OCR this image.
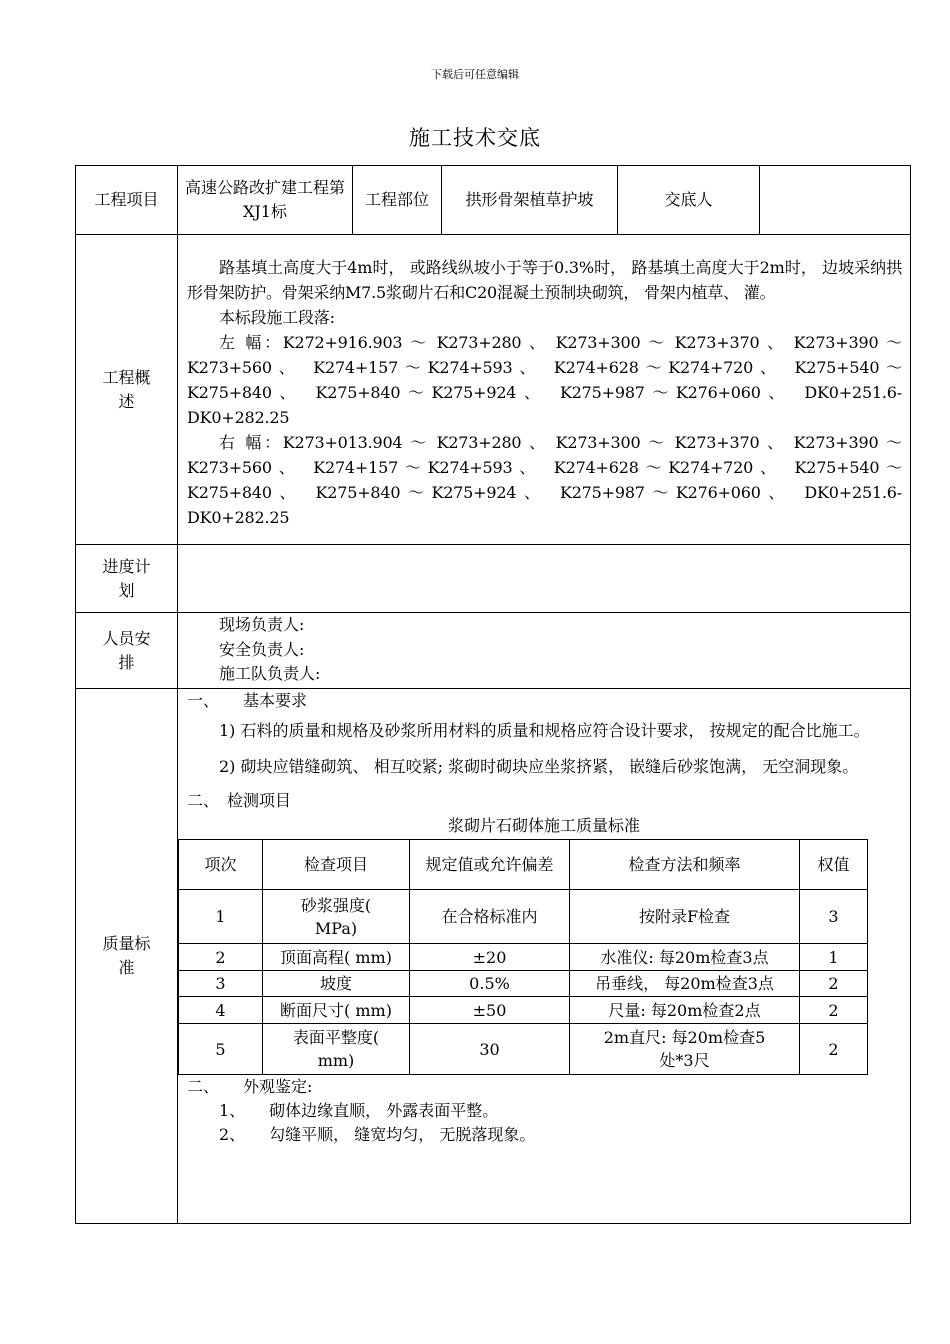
下载后可任意编辑
施工技术交底
工程项目	高速公路改扩建工程第XJ1标	工程部位	拱形骨架植草护坡	交底人	
工程概述	

路基填土高度大于4m时， 或路线纵坡小于等于0.3%时， 路基填土高度大于2m时， 边坡采纳拱形骨架防护。骨架采纳M7.5浆砌片石和C20混凝土预制块砌筑， 骨架内植草、 灌。

本标段施工段落:

左 幅：K272+916.903 ～ K273+280 、 K273+300 ～ K273+370 、 K273+390 ～ K273+560、 K274+157～K274+593、 K274+628～K274+720、 K275+540～K275+840、 K275+840～K275+924、 K275+987～K276+060、 DK0+251.6-DK0+282.25

右 幅：K273+013.904 ～ K273+280 、 K273+300 ～ K273+370 、 K273+390 ～ K273+560、 K274+157～K274+593、 K274+628～K274+720、 K275+540～K275+840、 K275+840～K275+924、 K275+987～K276+060、 DK0+251.6-DK0+282.25

进度计划	
人员安排	

现场负责人:

安全负责人:

施工队负责人:

质量标准	
一、　　基本要求

1) 石料的质量和规格及砂浆所用材料的质量和规格应符合设计要求， 按规定的配合比施工。

2) 砌块应错缝砌筑、 相互咬紧; 浆砌时砌块应坐浆挤紧， 嵌缝后砂浆饱满， 无空洞现象。

二、　检测项目
浆砌片石砌体施工质量标准
项次	检查项目	规定值或允许偏差	检查方法和频率	权值
1	砂浆强度( MPa)	在合格标准内	按附录F检查	3
2	顶面高程( mm)	±20	水准仪: 每20m检查3点	1
3	坡度	0.5%	吊垂线， 每20m检查3点	2
4	断面尺寸( mm)	±50	尺量: 每20m检查2点	2
5	表面平整度( mm)	30	2m直尺: 每20m检查5处*3尺	2

二、　　外观鉴定:

1、　　砌体边缘直顺， 外露表面平整。

2、　　勾缝平顺， 缝宽均匀， 无脱落现象。
